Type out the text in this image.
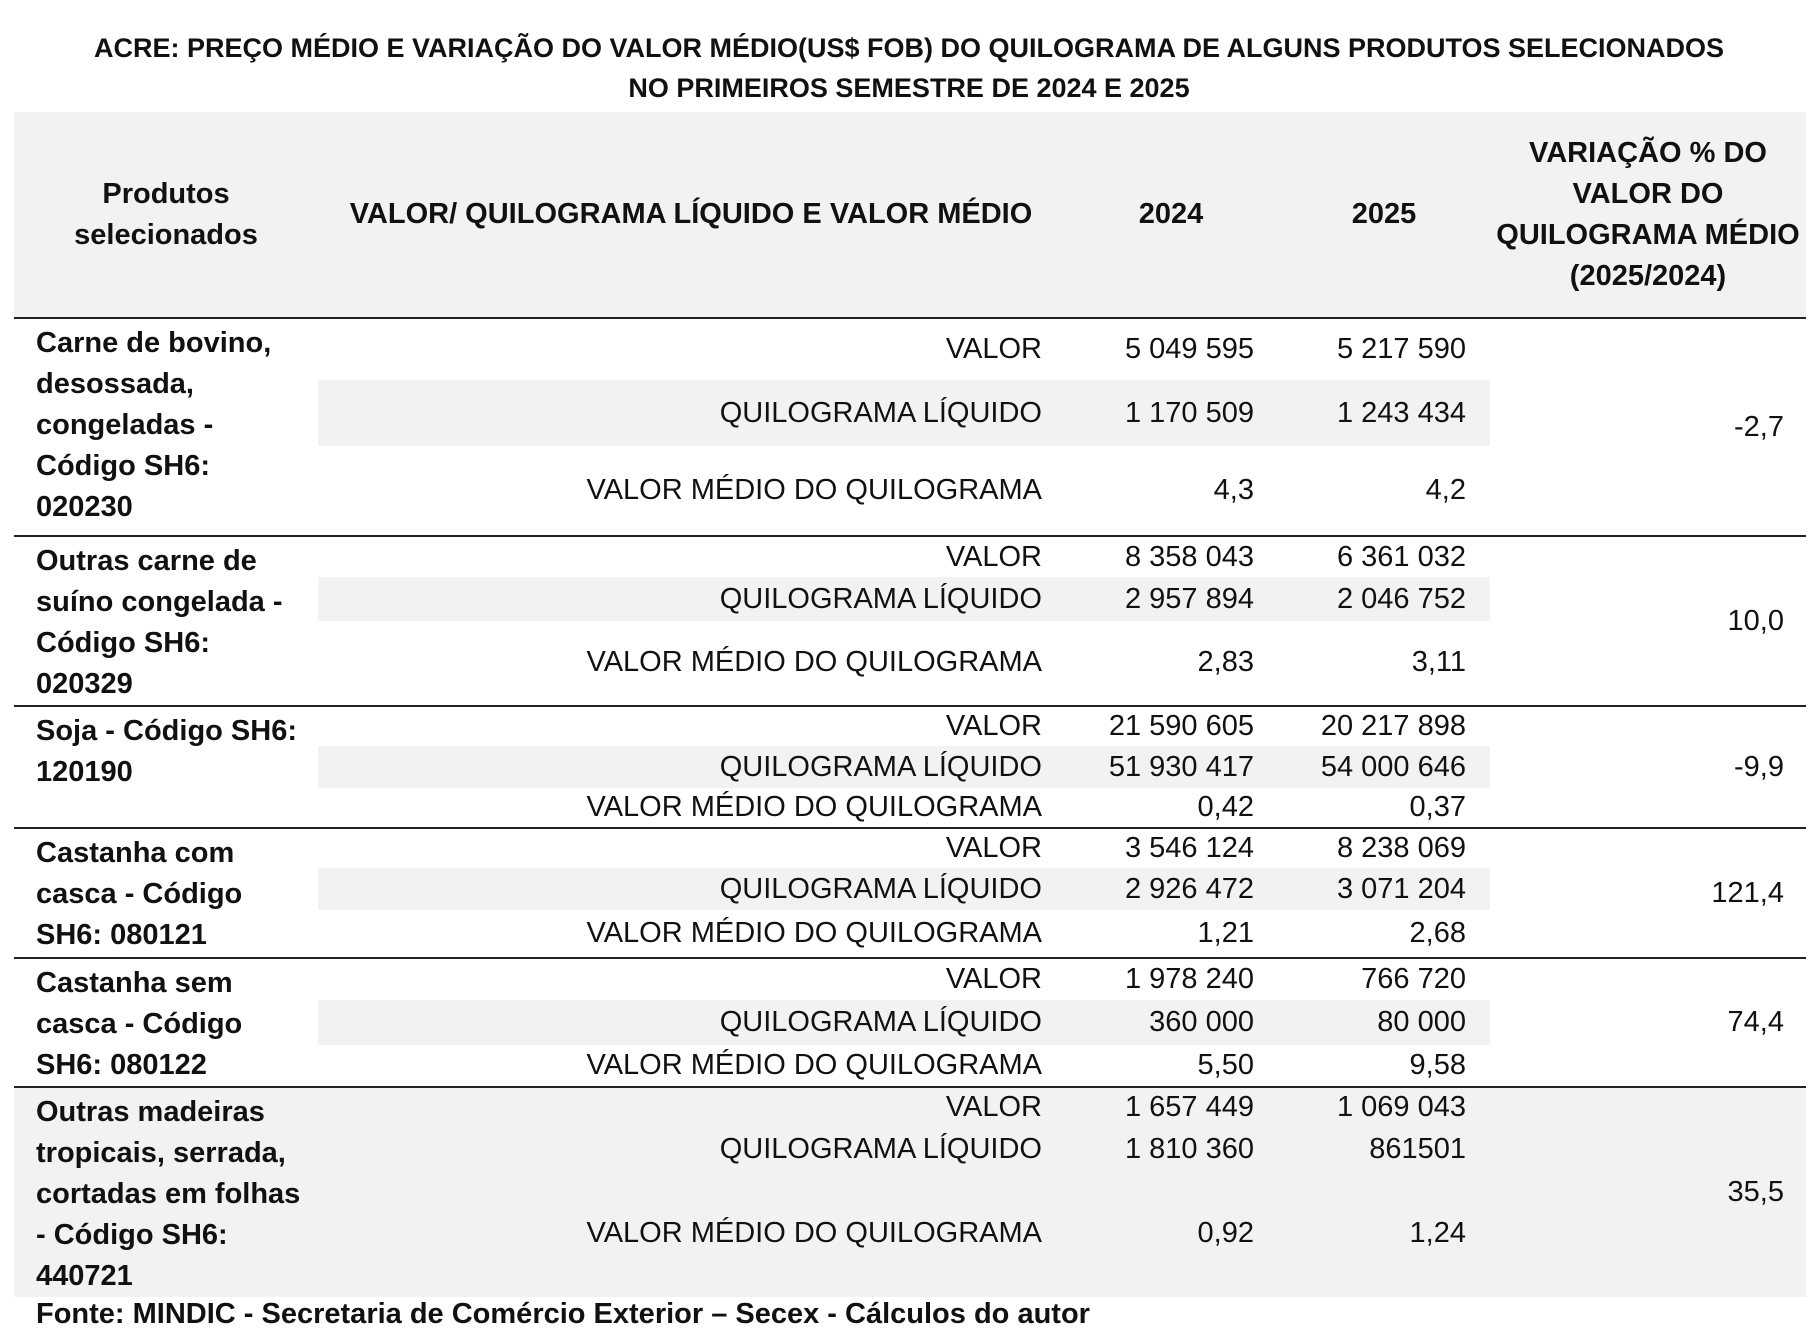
ACRE: PREÇO MÉDIO E VARIAÇÃO DO VALOR MÉDIO(US$ FOB) DO QUILOGRAMA DE ALGUNS PRODUTOS SELECIONADOS
NO PRIMEIROS SEMESTRE DE 2024 E 2025
Produtos selecionados	VALOR/ QUILOGRAMA LÍQUIDO E VALOR MÉDIO	2024	2025	VARIAÇÃO % DO VALOR DO QUILOGRAMA MÉDIO (2025/2024)
Carne de bovino, desossada, congeladas - Código SH6: 020230	VALOR	5 049 595	5 217 590	-2,7
	QUILOGRAMA LÍQUIDO	1 170 509	1 243 434	
	VALOR MÉDIO DO QUILOGRAMA	4,3	4,2	
Outras carne de suíno congelada - Código SH6: 020329	VALOR	8 358 043	6 361 032	10,0
	QUILOGRAMA LÍQUIDO	2 957 894	2 046 752	
	VALOR MÉDIO DO QUILOGRAMA	2,83	3,11	
Soja - Código SH6: 120190	VALOR	21 590 605	20 217 898	-9,9
	QUILOGRAMA LÍQUIDO	51 930 417	54 000 646	
	VALOR MÉDIO DO QUILOGRAMA	0,42	0,37	
Castanha com casca - Código SH6: 080121	VALOR	3 546 124	8 238 069	121,4
	QUILOGRAMA LÍQUIDO	2 926 472	3 071 204	
	VALOR MÉDIO DO QUILOGRAMA	1,21	2,68	
Castanha sem casca - Código SH6: 080122	VALOR	1 978 240	766 720	74,4
	QUILOGRAMA LÍQUIDO	360 000	80 000	
	VALOR MÉDIO DO QUILOGRAMA	5,50	9,58	
Outras madeiras tropicais, serrada, cortadas em folhas - Código SH6: 440721	VALOR	1 657 449	1 069 043	35,5
	QUILOGRAMA LÍQUIDO	1 810 360	861501	
	VALOR MÉDIO DO QUILOGRAMA	0,92	1,24	
Fonte: MINDIC - Secretaria de Comércio Exterior – Secex - Cálculos do autor
